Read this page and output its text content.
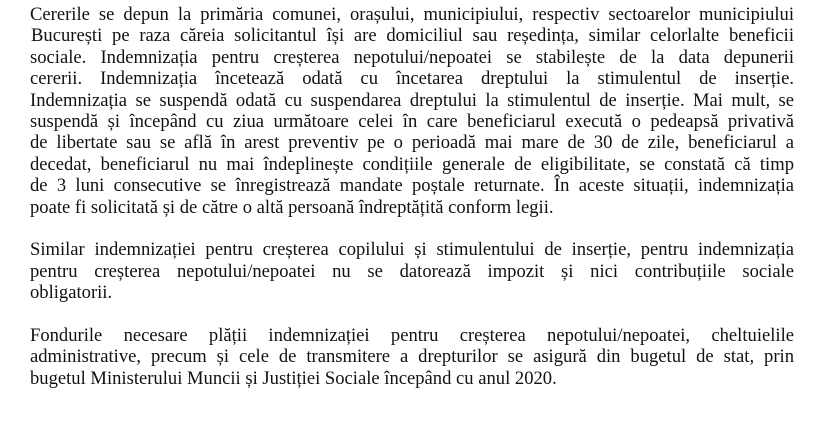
Cererile se depun la primăria comunei, orașului, municipiului, respectiv sectoarelor municipiului
București pe raza căreia solicitantul își are domiciliul sau reședința, similar celorlalte beneficii
sociale. Indemnizația pentru creșterea nepotului/nepoatei se stabilește de la data depunerii
cererii. Indemnizația încetează odată cu încetarea dreptului la stimulentul de inserție.
Indemnizația se suspendă odată cu suspendarea dreptului la stimulentul de inserție. Mai mult, se
suspendă și începând cu ziua următoare celei în care beneficiarul execută o pedeapsă privativă
de libertate sau se află în arest preventiv pe o perioadă mai mare de 30 de zile, beneficiarul a
decedat, beneficiarul nu mai îndeplinește condițiile generale de eligibilitate, se constată că timp
de 3 luni consecutive se înregistrează mandate poștale returnate. În aceste situații, indemnizația
poate fi solicitată și de către o altă persoană îndreptățită conform legii.
Similar indemnizației pentru creșterea copilului și stimulentului de inserție, pentru indemnizația
pentru creșterea nepotului/nepoatei nu se datorează impozit și nici contribuțiile sociale
obligatorii.
Fondurile necesare plății indemnizației pentru creșterea nepotului/nepoatei, cheltuielile
administrative, precum și cele de transmitere a drepturilor se asigură din bugetul de stat, prin
bugetul Ministerului Muncii și Justiției Sociale începând cu anul 2020.
